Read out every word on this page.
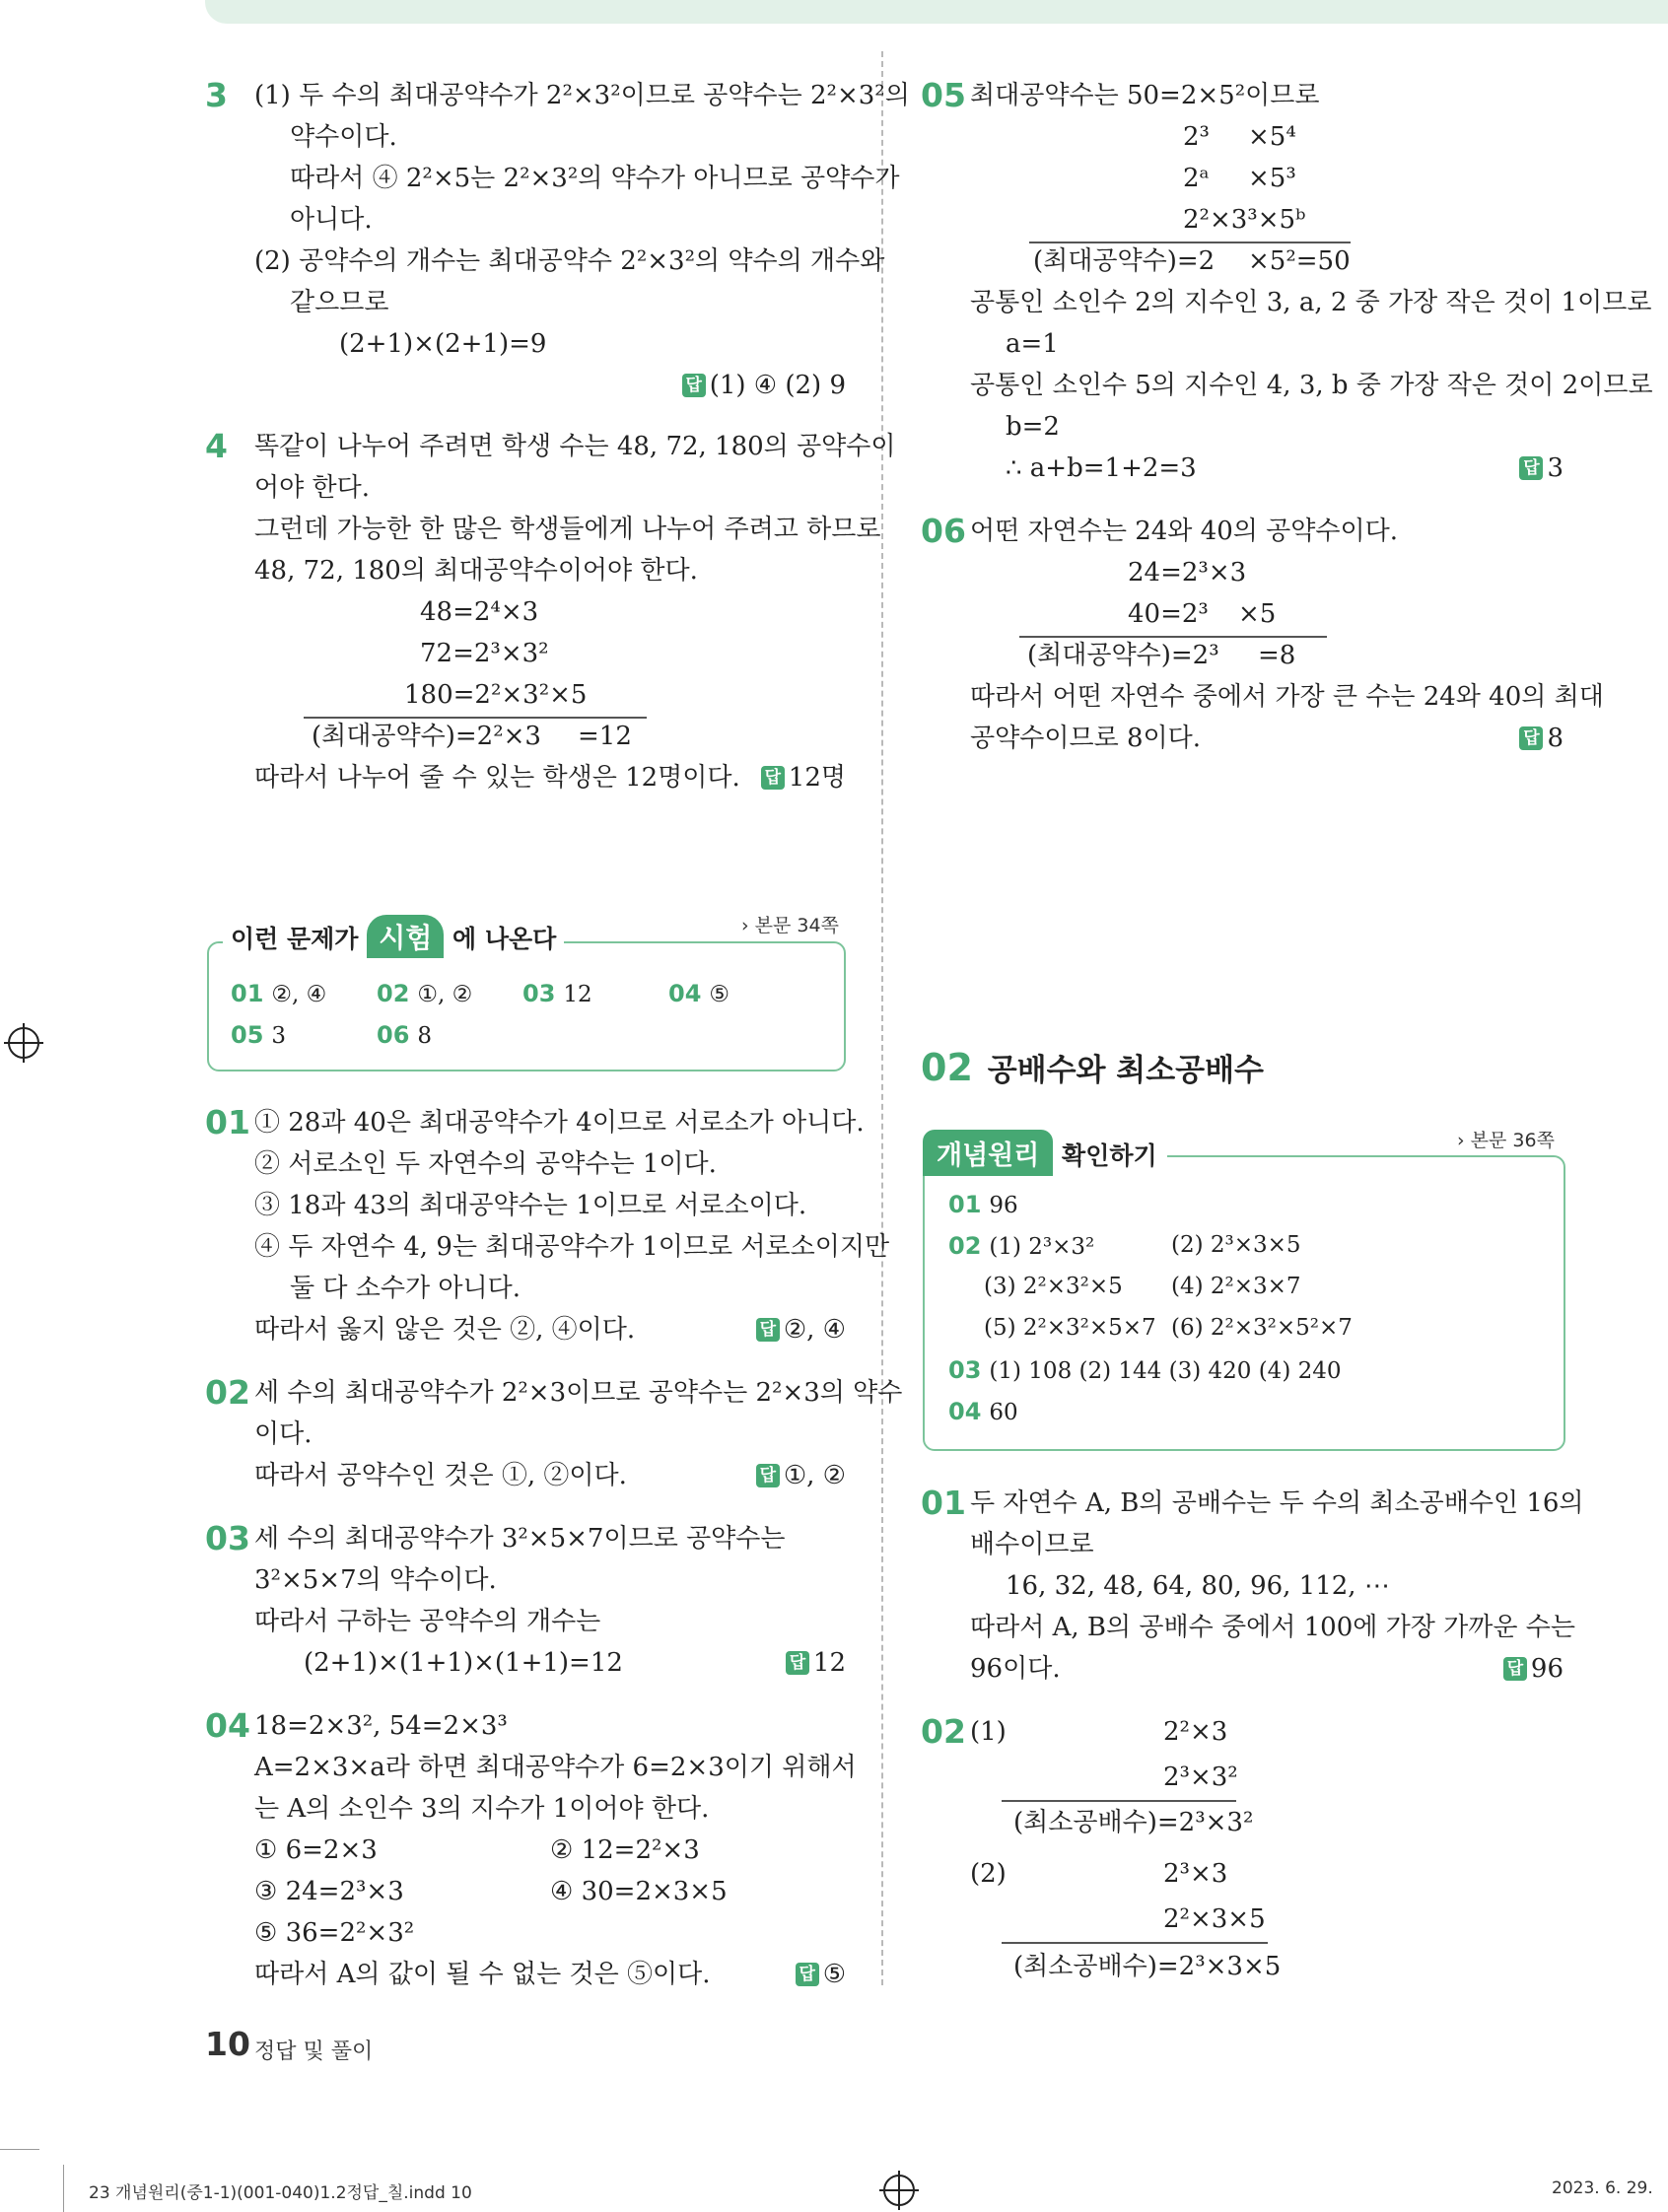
3 (1) 두 수의 최대공약수가 2²×3²이므로 공약수는 2²×3²의
약수이다.
따라서 ④ 2²×5는 2²×3²의 약수가 아니므로 공약수가
아니다.
(2) 공약수의 개수는 최대공약수 2²×3²의 약수의 개수와
같으므로
(2+1)×(2+1)=9
답 (1) ④ (2) 9
4 똑같이 나누어 주려면 학생 수는 48, 72, 180의 공약수이
어야 한다.
그런데 가능한 한 많은 학생들에게 나누어 주려고 하므로
48, 72, 180의 최대공약수이어야 한다.
48=2⁴×3
72=2³×3²
180=2²×3²×5
(최대공약수)=2²×3 =12
따라서 나누어 줄 수 있는 학생은 12명이다. 답 12명
이런 문제가 시험 에 나온다	› 본문 34쪽
01 ②, ④ 02 ①, ② 03 12	04 ⑤
05 3	06 8
01 ① 28과 40은 최대공약수가 4이므로 서로소가 아니다.
② 서로소인 두 자연수의 공약수는 1이다.
③ 18과 43의 최대공약수는 1이므로 서로소이다.
④ 두 자연수 4, 9는 최대공약수가 1이므로 서로소이지만
둘 다 소수가 아니다.
따라서 옳지 않은 것은 ②, ④이다.	답 ②, ④
02 세 수의 최대공약수가 2²×3이므로 공약수는 2²×3의 약수
이다.
따라서 공약수인 것은 ①, ②이다.	답 ①, ②
03 세 수의 최대공약수가 3²×5×7이므로 공약수는
3²×5×7의 약수이다.
따라서 구하는 공약수의 개수는
(2+1)×(1+1)×(1+1)=12	답 12
04 18=2×3², 54=2×3³
A=2×3×a라 하면 최대공약수가 6=2×3이기 위해서
는 A의 소인수 3의 지수가 1이어야 한다.
① 6=2×3	② 12=2²×3
③ 24=2³×3	④ 30=2×3×5
⑤ 36=2²×3²
따라서 A의 값이 될 수 없는 것은 ⑤이다.	답 ⑤
05 최대공약수는 50=2×5²이므로
2³ ×5⁴
2ᵃ ×5³
2²×3³×5ᵇ
(최대공약수)=2 ×5²=50
공통인 소인수 2의 지수인 3, a, 2 중 가장 작은 것이 1이므로
a=1
공통인 소인수 5의 지수인 4, 3, b 중 가장 작은 것이 2이므로
b=2
∴ a+b=1+2=3	답 3
06 어떤 자연수는 24와 40의 공약수이다.
24=2³×3
40=2³ ×5
(최대공약수)=2³ =8
따라서 어떤 자연수 중에서 가장 큰 수는 24와 40의 최대
공약수이므로 8이다.	답 8
02 공배수와 최소공배수
개념원리 확인하기
› 본문 36쪽
01 96
02 (1) 2³×3²	(2) 2³×3×5
(3) 2²×3²×5 (4) 2²×3×7
(5) 2²×3²×5×7 (6) 2²×3²×5²×7
03 (1) 108 (2) 144 (3) 420 (4) 240
04 60
01 두 자연수 A, B의 공배수는 두 수의 최소공배수인 16의
배수이므로
16, 32, 48, 64, 80, 96, 112, ⋯
따라서 A, B의 공배수 중에서 100에 가장 가까운 수는
96이다.	답 96
02 (1)	2²×3
2³×3²
(최소공배수)=2³×3²
(2)	2³×3
2²×3×5
(최소공배수)=2³×3×5
10 정답 및 풀이
23 개념원리(중1-1)(001-040)1.2정답_칠.indd 10	2023. 6. 29.
